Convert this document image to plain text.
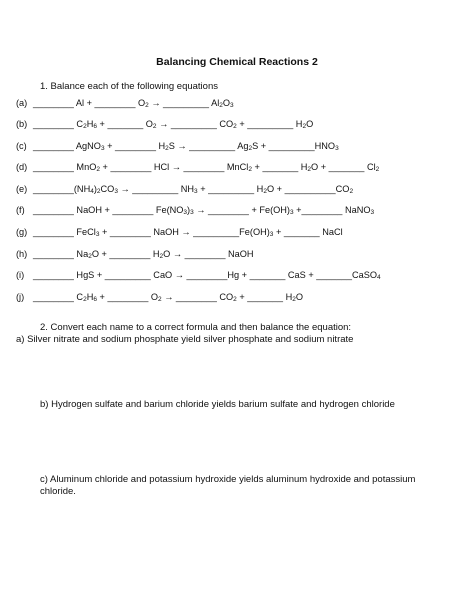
Balancing Chemical Reactions 2
1. Balance each of the following equations
(a) ________ Al + ________ $O_2$ → _________ $Al_2O_3$
(b) ________ $C_2H_6$ + _______ $O_2$ → _________ $CO_2$ + _________ $H_2O$
(c) ________ AgNO$_3$ + ________ $H_2S$ → _________ $Ag_2S$ + $\_\_\_\_\_\_\_\_\_HNO_3$
(d) ________ MnO$_2$ + ________ HCl → ________ MnCl$_2$ + _______ $H_2O$ + _______ $Cl_2$
(e) $\_\_\_\_\_\_\_\_(NH_4)_2CO_3$ → _________ $NH_3$ + _________ $H_2O$ + $\_\_\_\_\_\_\_\_\_\_CO_2$
(f) ________ NaOH + ________ $Fe(NO_3)_3$ → ________ + $Fe(OH)_3$ +________ NaNO$_3$
(g) ________ FeCl$_3$ + ________ NaOH → $\_\_\_\_\_\_\_\_\_Fe(OH)_3$ + _______ NaCl
(h) ________ $Na_2O$ + ________ $H_2O$ → ________ NaOH
(i) ________ HgS + _________ CaO → ________Hg + _______ CaS + _______CaSO$_4$
(j) ________ $C_2H_6$ + ________ $O_2$ → ________ $CO_2$ + _______ $H_2O$
2. Convert each name to a correct formula and then balance the equation:
a) Silver nitrate and sodium phosphate yield silver phosphate and sodium nitrate
b) Hydrogen sulfate and barium chloride yields barium sulfate and hydrogen chloride
c) Aluminum chloride and potassium hydroxide yields aluminum hydroxide and potassium chloride.
